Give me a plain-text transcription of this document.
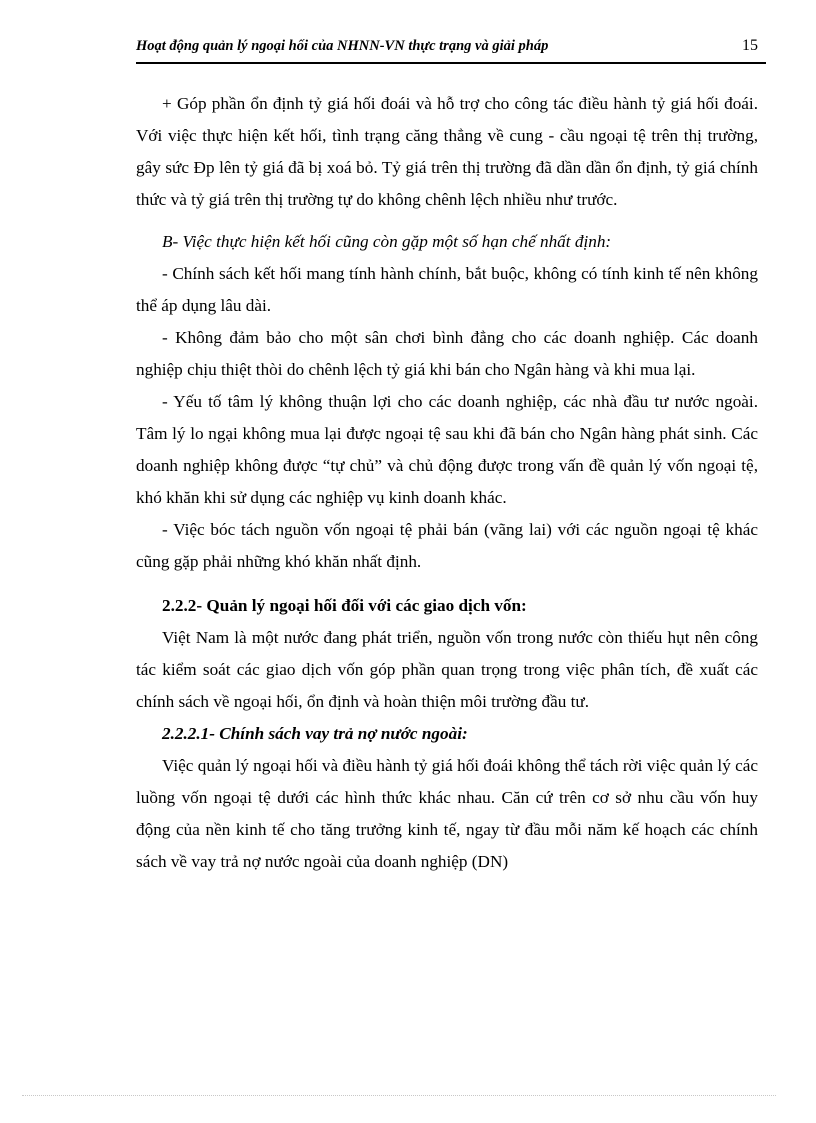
Hoạt động quản lý ngoại hối của NHNN-VN thực trạng và giải pháp	15

+ Góp phần ổn định tỷ giá hối đoái và hỗ trợ cho công tác điều hành tỷ giá hối đoái. Với việc thực hiện kết hối, tình trạng căng thẳng về cung - cầu ngoại tệ trên thị trường, gây sức Ðp lên tỷ giá đã bị xoá bỏ. Tỷ giá trên thị trường đã dần dần ổn định, tỷ giá chính thức và tỷ giá trên thị trường tự do không chênh lệch nhiều như trước.

B- Việc thực hiện kết hối cũng còn gặp một số hạn chế nhất định:

- Chính sách kết hối mang tính hành chính, bắt buộc, không có tính kinh tế nên không thể áp dụng lâu dài.

- Không đảm bảo cho một sân chơi bình đẳng cho các doanh nghiệp. Các doanh nghiệp chịu thiệt thòi do chênh lệch tỷ giá khi bán cho Ngân hàng và khi mua lại.

- Yếu tố tâm lý không thuận lợi cho các doanh nghiệp, các nhà đầu tư nước ngoài. Tâm lý lo ngại không mua lại được ngoại tệ sau khi đã bán cho Ngân hàng phát sinh. Các doanh nghiệp không được “tự chủ” và chủ động được trong vấn đề quản lý vốn ngoại tệ, khó khăn khi sử dụng các nghiệp vụ kinh doanh khác.

- Việc bóc tách nguồn vốn ngoại tệ phải bán (vãng lai) với các nguồn ngoại tệ khác cũng gặp phải những khó khăn nhất định.

2.2.2- Quản lý ngoại hối đối với các giao dịch vốn:

Việt Nam là một nước đang phát triển, nguồn vốn trong nước còn thiếu hụt nên công tác kiểm soát các giao dịch vốn góp phần quan trọng trong việc phân tích, đề xuất các chính sách về ngoại hối, ổn định và hoàn thiện môi trường đầu tư.

2.2.2.1- Chính sách vay trả nợ nước ngoài:

Việc quản lý ngoại hối và điều hành tỷ giá hối đoái không thể tách rời việc quản lý các luồng vốn ngoại tệ dưới các hình thức khác nhau. Căn cứ trên cơ sở nhu cầu vốn huy động của nền kinh tế cho tăng trưởng kinh tế, ngay từ đầu mỗi năm kế hoạch các chính sách về vay trả nợ nước ngoài của doanh nghiệp (DN)
